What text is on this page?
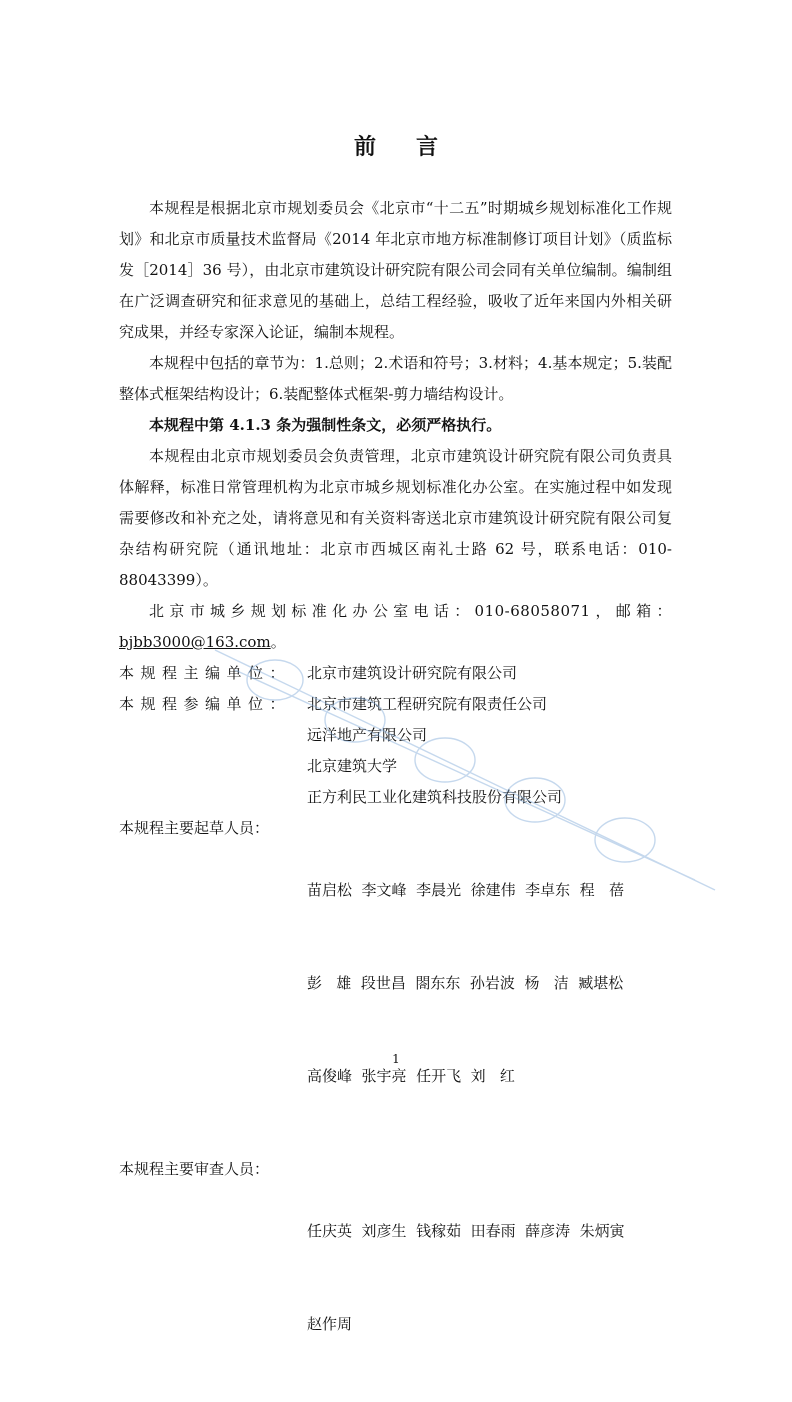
前 言

本规程是根据北京市规划委员会《北京市“十二五”时期城乡规划标准化工作规划》和北京市质量技术监督局《2014 年北京市地方标准制修订项目计划》（质监标发［2014］36 号），由北京市建筑设计研究院有限公司会同有关单位编制。编制组在广泛调查研究和征求意见的基础上，总结工程经验，吸收了近年来国内外相关研究成果，并经专家深入论证，编制本规程。

本规程中包括的章节为：1.总则；2.术语和符号；3.材料；4.基本规定；5.装配整体式框架结构设计；6.装配整体式框架-剪力墙结构设计。

本规程中第 4.1.3 条为强制性条文，必须严格执行。

本规程由北京市规划委员会负责管理，北京市建筑设计研究院有限公司负责具体解释，标准日常管理机构为北京市城乡规划标准化办公室。在实施过程中如发现需要修改和补充之处，请将意见和有关资料寄送北京市建筑设计研究院有限公司复杂结构研究院（通讯地址：北京市西城区南礼士路 62 号，联系电话：010-88043399）。

北京市城乡规划标准化办公室电话：010-68058071，邮箱：

bjbb3000@163.com。

本规程主编单位：	北京市建筑设计研究院有限公司
本规程参编单位：	北京市建筑工程研究院有限责任公司
远洋地产有限公司
北京建筑大学
正方利民工业化建筑科技股份有限公司
本规程主要起草人员：

苗启松  李文峰  李晨光  徐建伟  李卓东  程   蓓

彭   雄  段世昌  閤东东  孙岩波  杨   洁  臧堪松

高俊峰  张宇亮  任开飞  刘   红

本规程主要审查人员：

任庆英  刘彦生  钱稼茹  田春雨  薛彦涛  朱炳寅

赵作周

1
